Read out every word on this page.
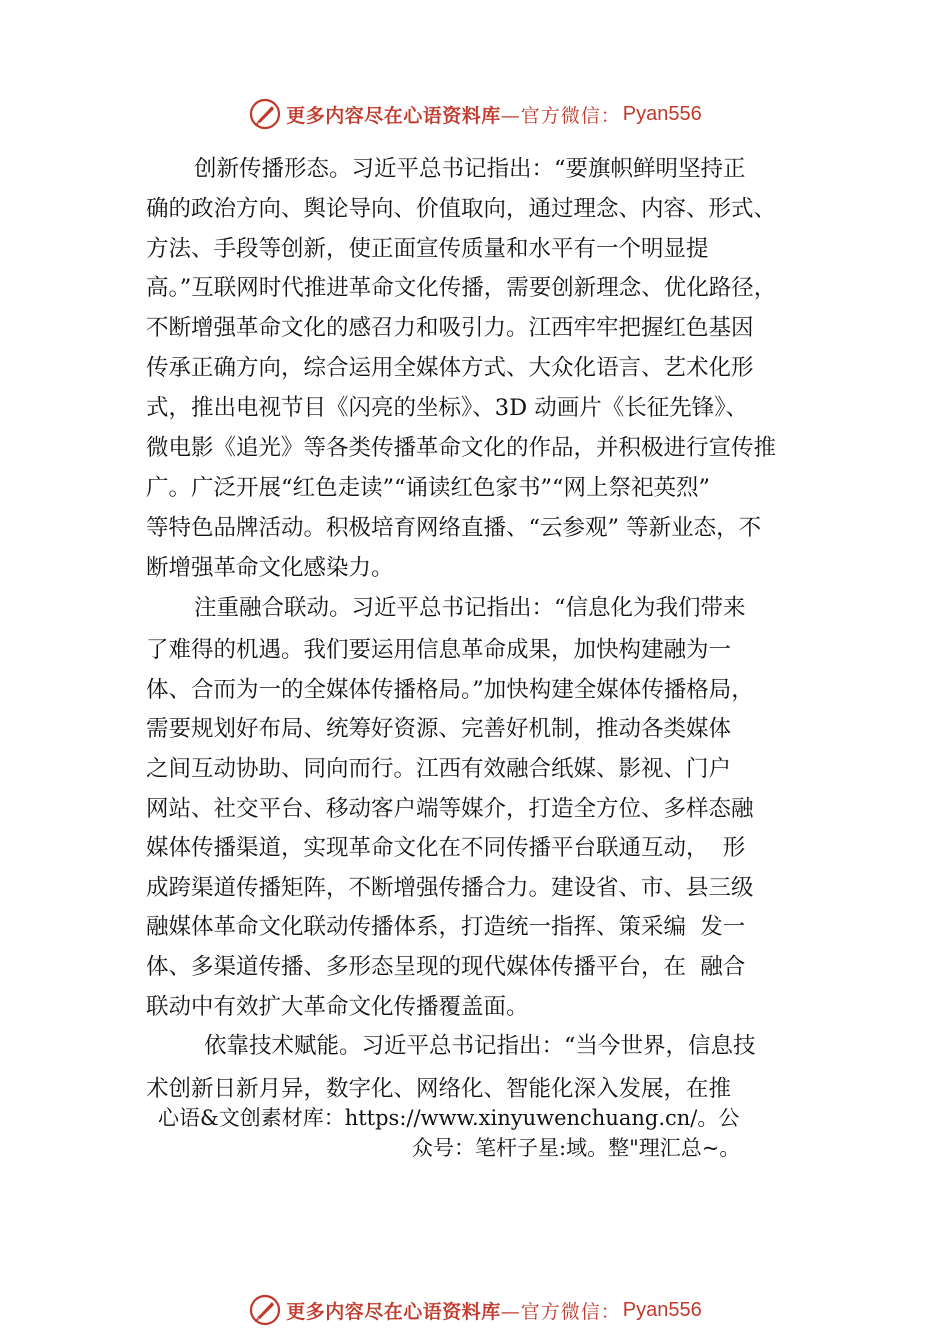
更多内容尽在心语资料库 —官方微信： Pyan556

创新传播形态。习近平总书记指出：“要旗帜鲜明坚持正

确的政治方向、舆论导向、价值取向，通过理念、内容、形式、

方法、手段等创新，使正面宣传质量和水平有一个明显提

高。”互联网时代推进革命文化传播，需要创新理念、优化路径，

不断增强革命文化的感召力和吸引力。江西牢牢把握红色基因

传承正确方向，综合运用全媒体方式、大众化语言、艺术化形

式，推出电视节目《闪亮的坐标》、3D 动画片《长征先锋》、

微电影《追光》等各类传播革命文化的作品，并积极进行宣传推

广。广泛开展“红色走读”“诵读红色家书”“网上祭祀英烈”

等特色品牌活动。积极培育网络直播、“云参观” 等新业态，不

断增强革命文化感染力。

注重融合联动。习近平总书记指出：“信息化为我们带来

了难得的机遇。我们要运用信息革命成果，加快构建融为一

体、合而为一的全媒体传播格局。”加快构建全媒体传播格局，

需要规划好布局、统筹好资源、完善好机制，推动各类媒体

之间互动协助、同向而行。江西有效融合纸媒、影视、门户

网站、社交平台、移动客户端等媒介，打造全方位、多样态融

媒体传播渠道，实现革命文化在不同传播平台联通互动，  形

成跨渠道传播矩阵，不断增强传播合力。建设省、市、县三级

融媒体革命文化联动传播体系，打造统一指挥、策采编  发一

体、多渠道传播、多形态呈现的现代媒体传播平台，在  融合

联动中有效扩大革命文化传播覆盖面。

依靠技术赋能。习近平总书记指出：“当今世界，信息技

术创新日新月异，数字化、网络化、智能化深入发展，在推

心语&文创素材库：https://www.xinyuwenchuang.cn/。公

众号：笔杆子星:域。整"理汇总~。

更多内容尽在心语资料库 —官方微信： Pyan556
